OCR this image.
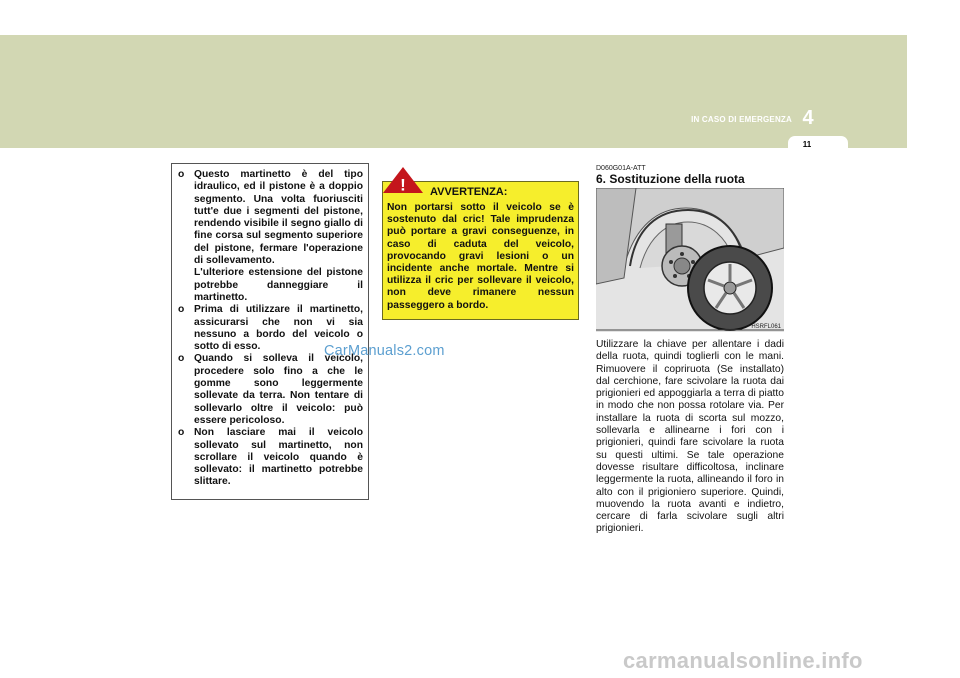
IN CASO DI EMERGENZA 4
11
o Questo martinetto è del tipo idraulico, ed il pistone è a doppio segmento. Una volta fuoriusciti tutt'e due i segmenti del pistone, rendendo visibile il segno giallo di fine corsa sul segmento superiore del pistone, fermare l'operazione di sollevamento.
L'ulteriore estensione del pistone potrebbe danneggiare il martinetto.
o Prima di utilizzare il martinetto, assicurarsi che non vi sia nessuno a bordo del veicolo o sotto di esso.
o Quando si solleva il veicolo, procedere solo fino a che le gomme sono leggermente sollevate da terra. Non tentare di sollevarlo oltre il veicolo: può essere pericoloso.
o Non lasciare mai il veicolo sollevato sul martinetto, non scrollare il veicolo quando è sollevato: il martinetto potrebbe slittare.
AVVERTENZA:
Non portarsi sotto il veicolo se è sostenuto dal cric! Tale imprudenza può portare a gravi conseguenze, in caso di caduta del veicolo, provocando gravi lesioni o un incidente anche mortale. Mentre si utilizza il cric per sollevare il veicolo, non deve rimanere nessun passeggero a bordo.
!
D060G01A-ATT
6. Sostituzione della ruota
HSRFL061
Utilizzare la chiave per allentare i dadi della ruota, quindi toglierli con le mani. Rimuovere il copriruota (Se installato) dal cerchione, fare scivolare la ruota dai prigionieri ed appoggiarla a terra di piatto in modo che non possa rotolare via. Per installare la ruota di scorta sul mozzo, sollevarla e allinearne i fori con i prigionieri, quindi fare scivolare la ruota su questi ultimi. Se tale operazione dovesse risultare difficoltosa, inclinare leggermente la ruota, allineando il foro in alto con il prigioniero superiore. Quindi, muovendo la ruota avanti e indietro, cercare di farla scivolare sugli altri prigionieri.
CarManuals2.com
carmanualsonline.info
